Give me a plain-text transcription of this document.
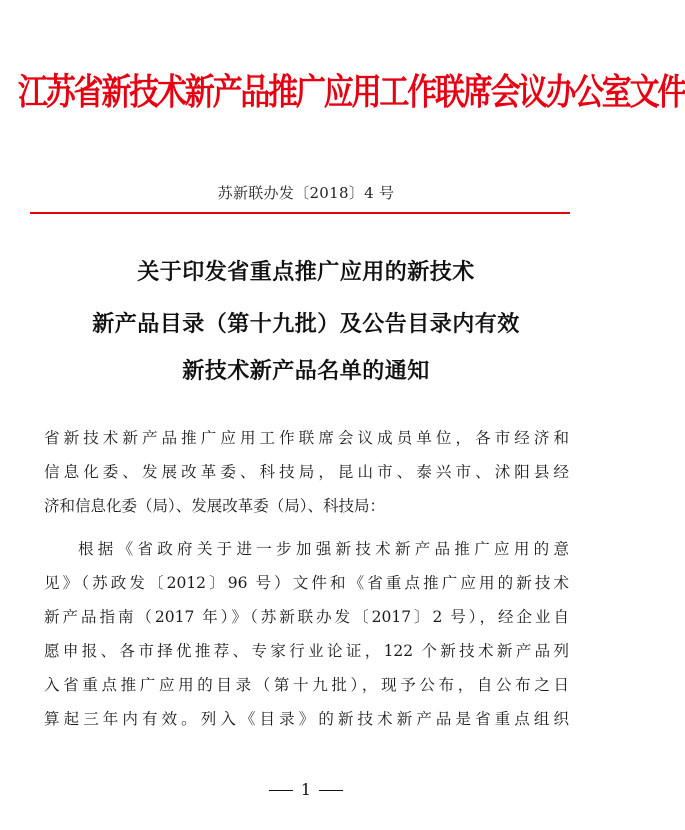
江苏省新技术新产品推广应用工作联席会议办公室文件
苏新联办发〔2018〕4 号
关于印发省重点推广应用的新技术
新产品目录（第十九批）及公告目录内有效
新技术新产品名单的通知
省新技术新产品推广应用工作联席会议成员单位，各市经济和
信息化委、发展改革委、科技局，昆山市、泰兴市、沭阳县经
济和信息化委（局）、发展改革委（局）、科技局：
根据《省政府关于进一步加强新技术新产品推广应用的意
见》（苏政发〔2012〕96 号）文件和《省重点推广应用的新技术
新产品指南（2017 年）》（苏新联办发〔2017〕2 号），经企业自
愿申报、各市择优推荐、专家行业论证，122 个新技术新产品列
入省重点推广应用的目录（第十九批），现予公布，自公布之日
算起三年内有效。列入《目录》的新技术新产品是省重点组织
1
